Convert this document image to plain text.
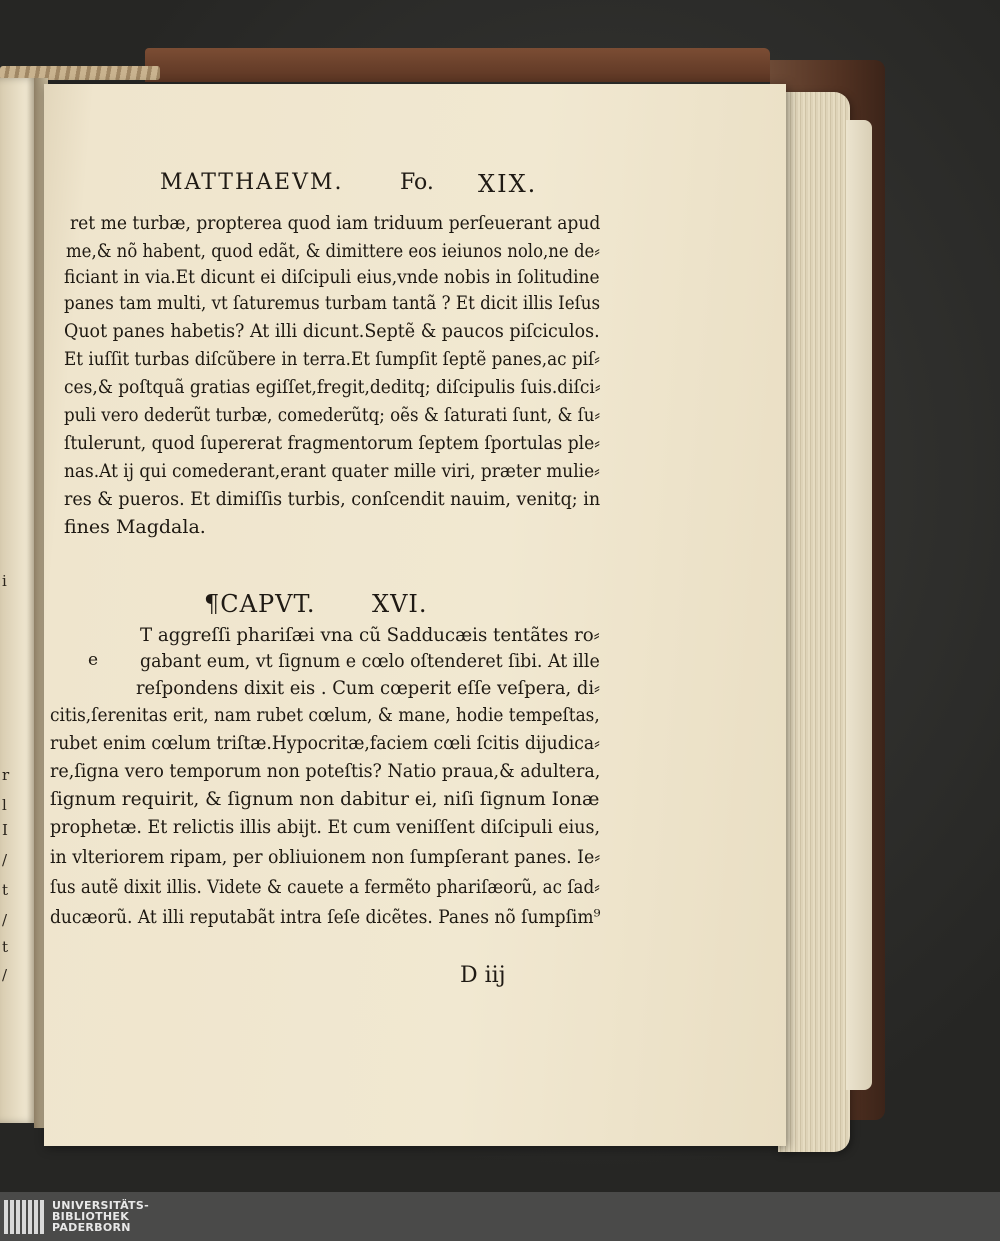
i
r
l
I
/
t
/
t
/
MATTHAEVM.	Fo. XIX.
ret me turbæ, propterea quod iam triduum perſeuerant apud
me,& nõ habent, quod edãt, & dimittere eos ieiunos nolo,ne de⸗
ficiant in via.Et dicunt ei diſcipuli eius,vnde nobis in ſolitudine
panes tam multi, vt ſaturemus turbam tantã ? Et dicit illis Ieſus
Quot panes habetis? At illi dicunt.Septẽ & paucos piſciculos.
Et iuſſit turbas diſcũbere in terra.Et ſumpſit ſeptẽ panes,ac piſ⸗
ces,& poſtquã gratias egiſſet,fregit,deditq; diſcipulis ſuis.diſci⸗
puli vero dederũt turbæ, comederũtq; oẽs & ſaturati ſunt, & ſu⸗
ſtulerunt, quod ſupererat fragmentorum ſeptem ſportulas ple⸗
nas.At ij qui comederant,erant quater mille viri, præter mulie⸗
res & pueros. Et dimiſſis turbis, conſcendit nauim, venitq; in
fines Magdala.
¶CAPVT. XVI.
e
T aggreſſi phariſæi vna cũ Sadducæis tentãtes ro⸗
gabant eum, vt ſignum e cœlo oſtenderet ſibi. At ille
reſpondens dixit eis . Cum cœperit eſſe veſpera, di⸗
citis,ſerenitas erit, nam rubet cœlum, & mane, hodie tempeſtas,
rubet enim cœlum triſtæ.Hypocritæ,faciem cœli ſcitis dijudica⸗
re,ſigna vero temporum non poteſtis? Natio praua,& adultera,
ſignum requirit, & ſignum non dabitur ei, niſi ſignum Ionæ
prophetæ. Et relictis illis abijt. Et cum veniſſent diſcipuli eius,
in vlteriorem ripam, per obliuionem non ſumpſerant panes. Ie⸗
ſus autẽ dixit illis. Videte & cauete a fermẽto phariſæorũ, ac ſad⸗
ducæorũ. At illi reputabãt intra ſeſe dicẽtes. Panes nõ ſumpſim⁹
D iij
UNIVERSITÄTS-
BIBLIOTHEK
PADERBORN
